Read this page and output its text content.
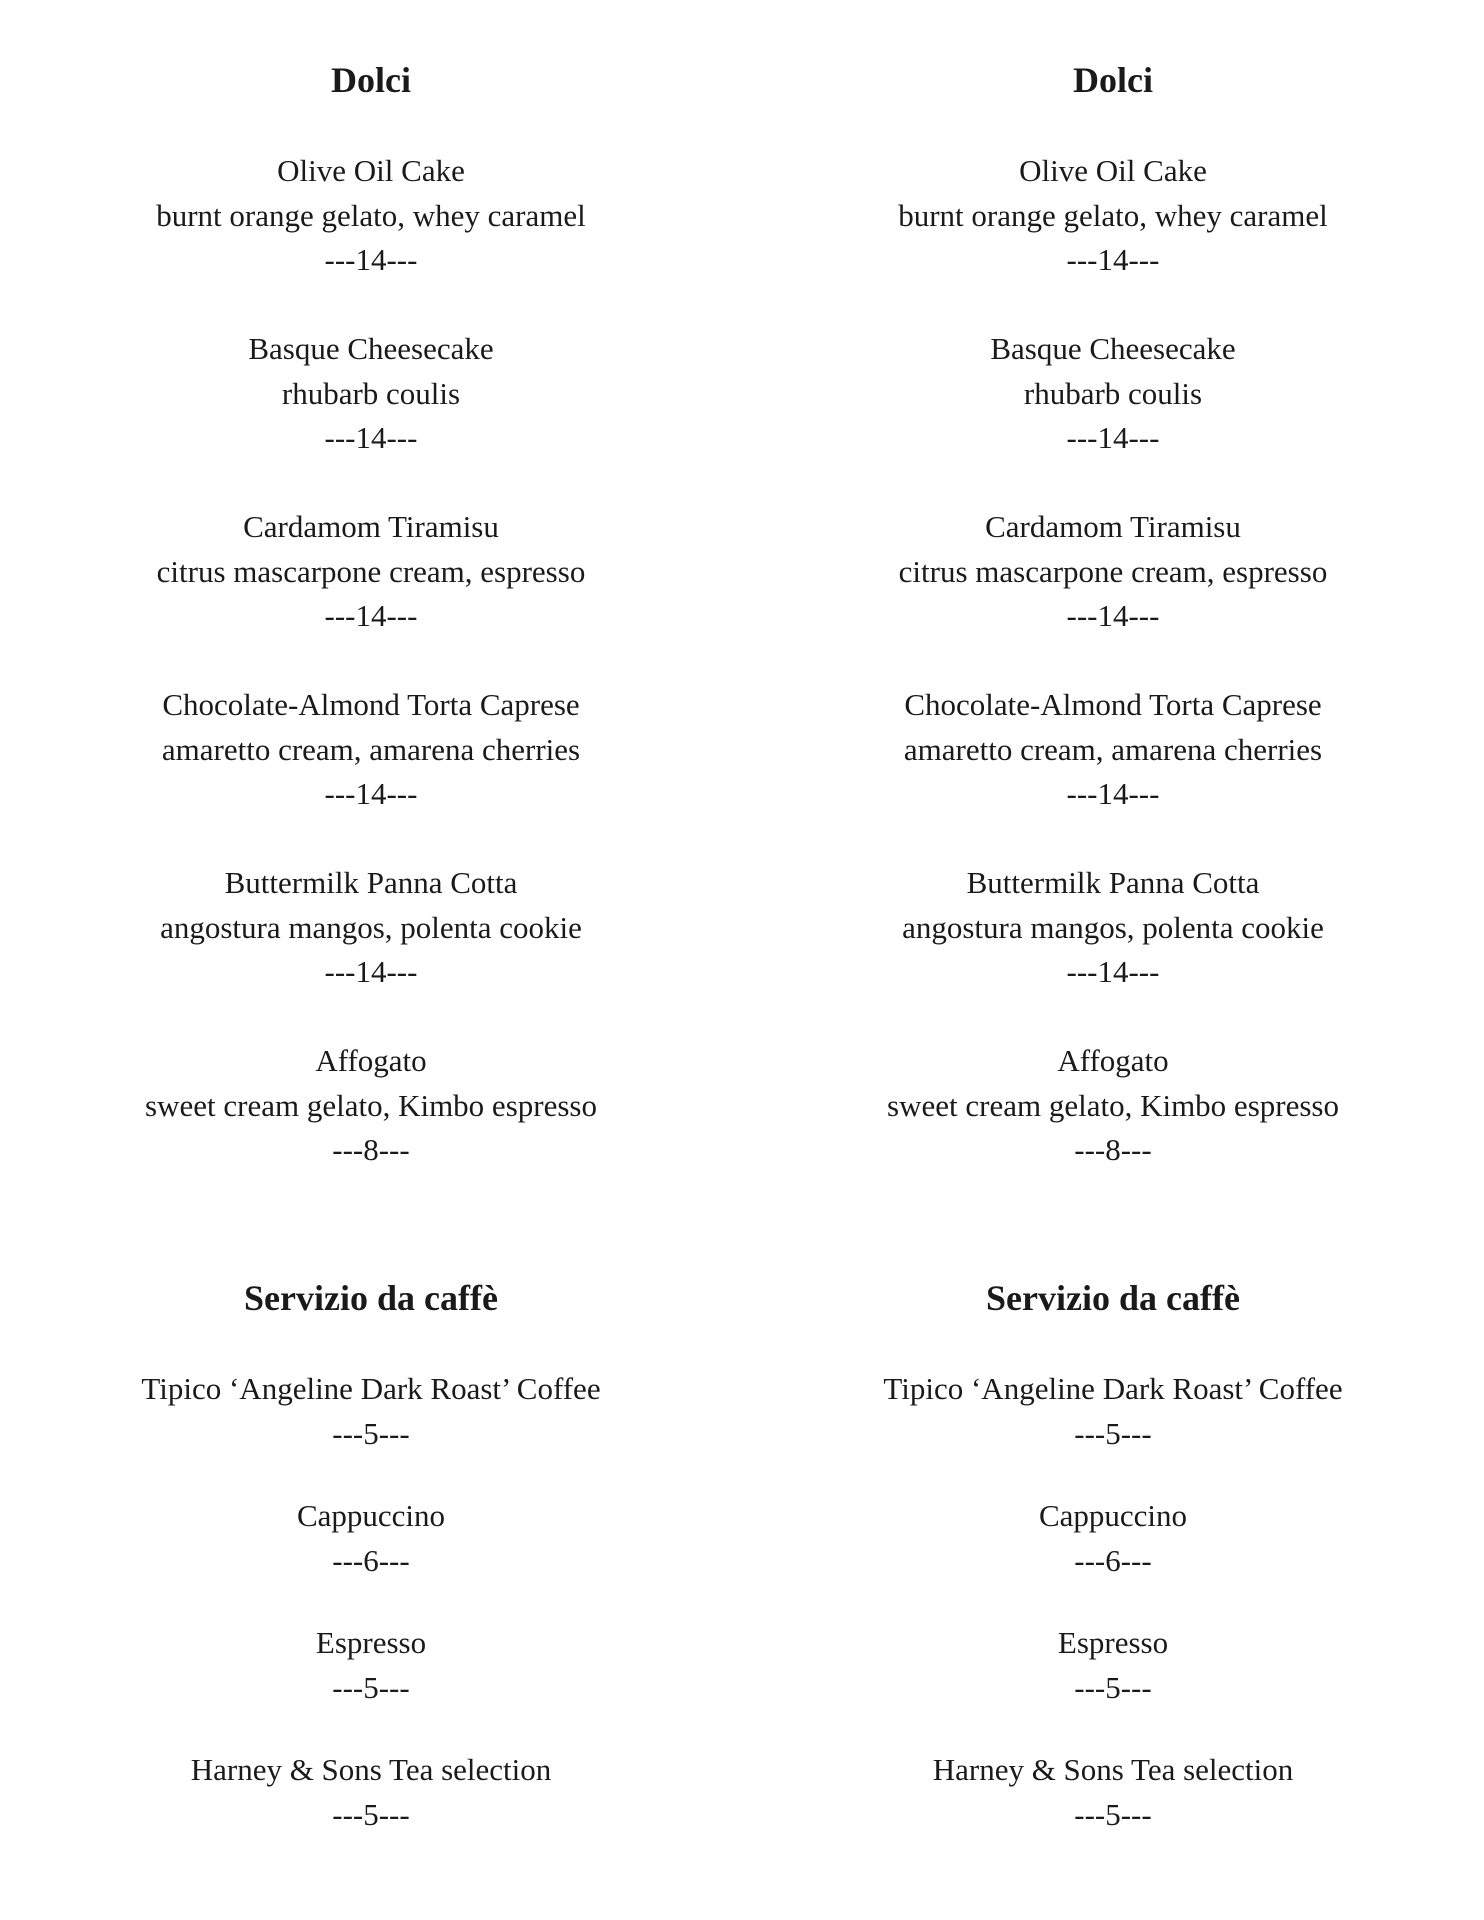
Dolci
Olive Oil Cake
burnt orange gelato, whey caramel
---14---
Basque Cheesecake
rhubarb coulis
---14---
Cardamom Tiramisu
citrus mascarpone cream, espresso
---14---
Chocolate-Almond Torta Caprese
amaretto cream, amarena cherries
---14---
Buttermilk Panna Cotta
angostura mangos, polenta cookie
---14---
Affogato
sweet cream gelato, Kimbo espresso
---8---
Servizio da caffè
Tipico ‘Angeline Dark Roast’ Coffee
---5---
Cappuccino
---6---
Espresso
---5---
Harney & Sons Tea selection
---5---
Dolci
Olive Oil Cake
burnt orange gelato, whey caramel
---14---
Basque Cheesecake
rhubarb coulis
---14---
Cardamom Tiramisu
citrus mascarpone cream, espresso
---14---
Chocolate-Almond Torta Caprese
amaretto cream, amarena cherries
---14---
Buttermilk Panna Cotta
angostura mangos, polenta cookie
---14---
Affogato
sweet cream gelato, Kimbo espresso
---8---
Servizio da caffè
Tipico ‘Angeline Dark Roast’ Coffee
---5---
Cappuccino
---6---
Espresso
---5---
Harney & Sons Tea selection
---5---
